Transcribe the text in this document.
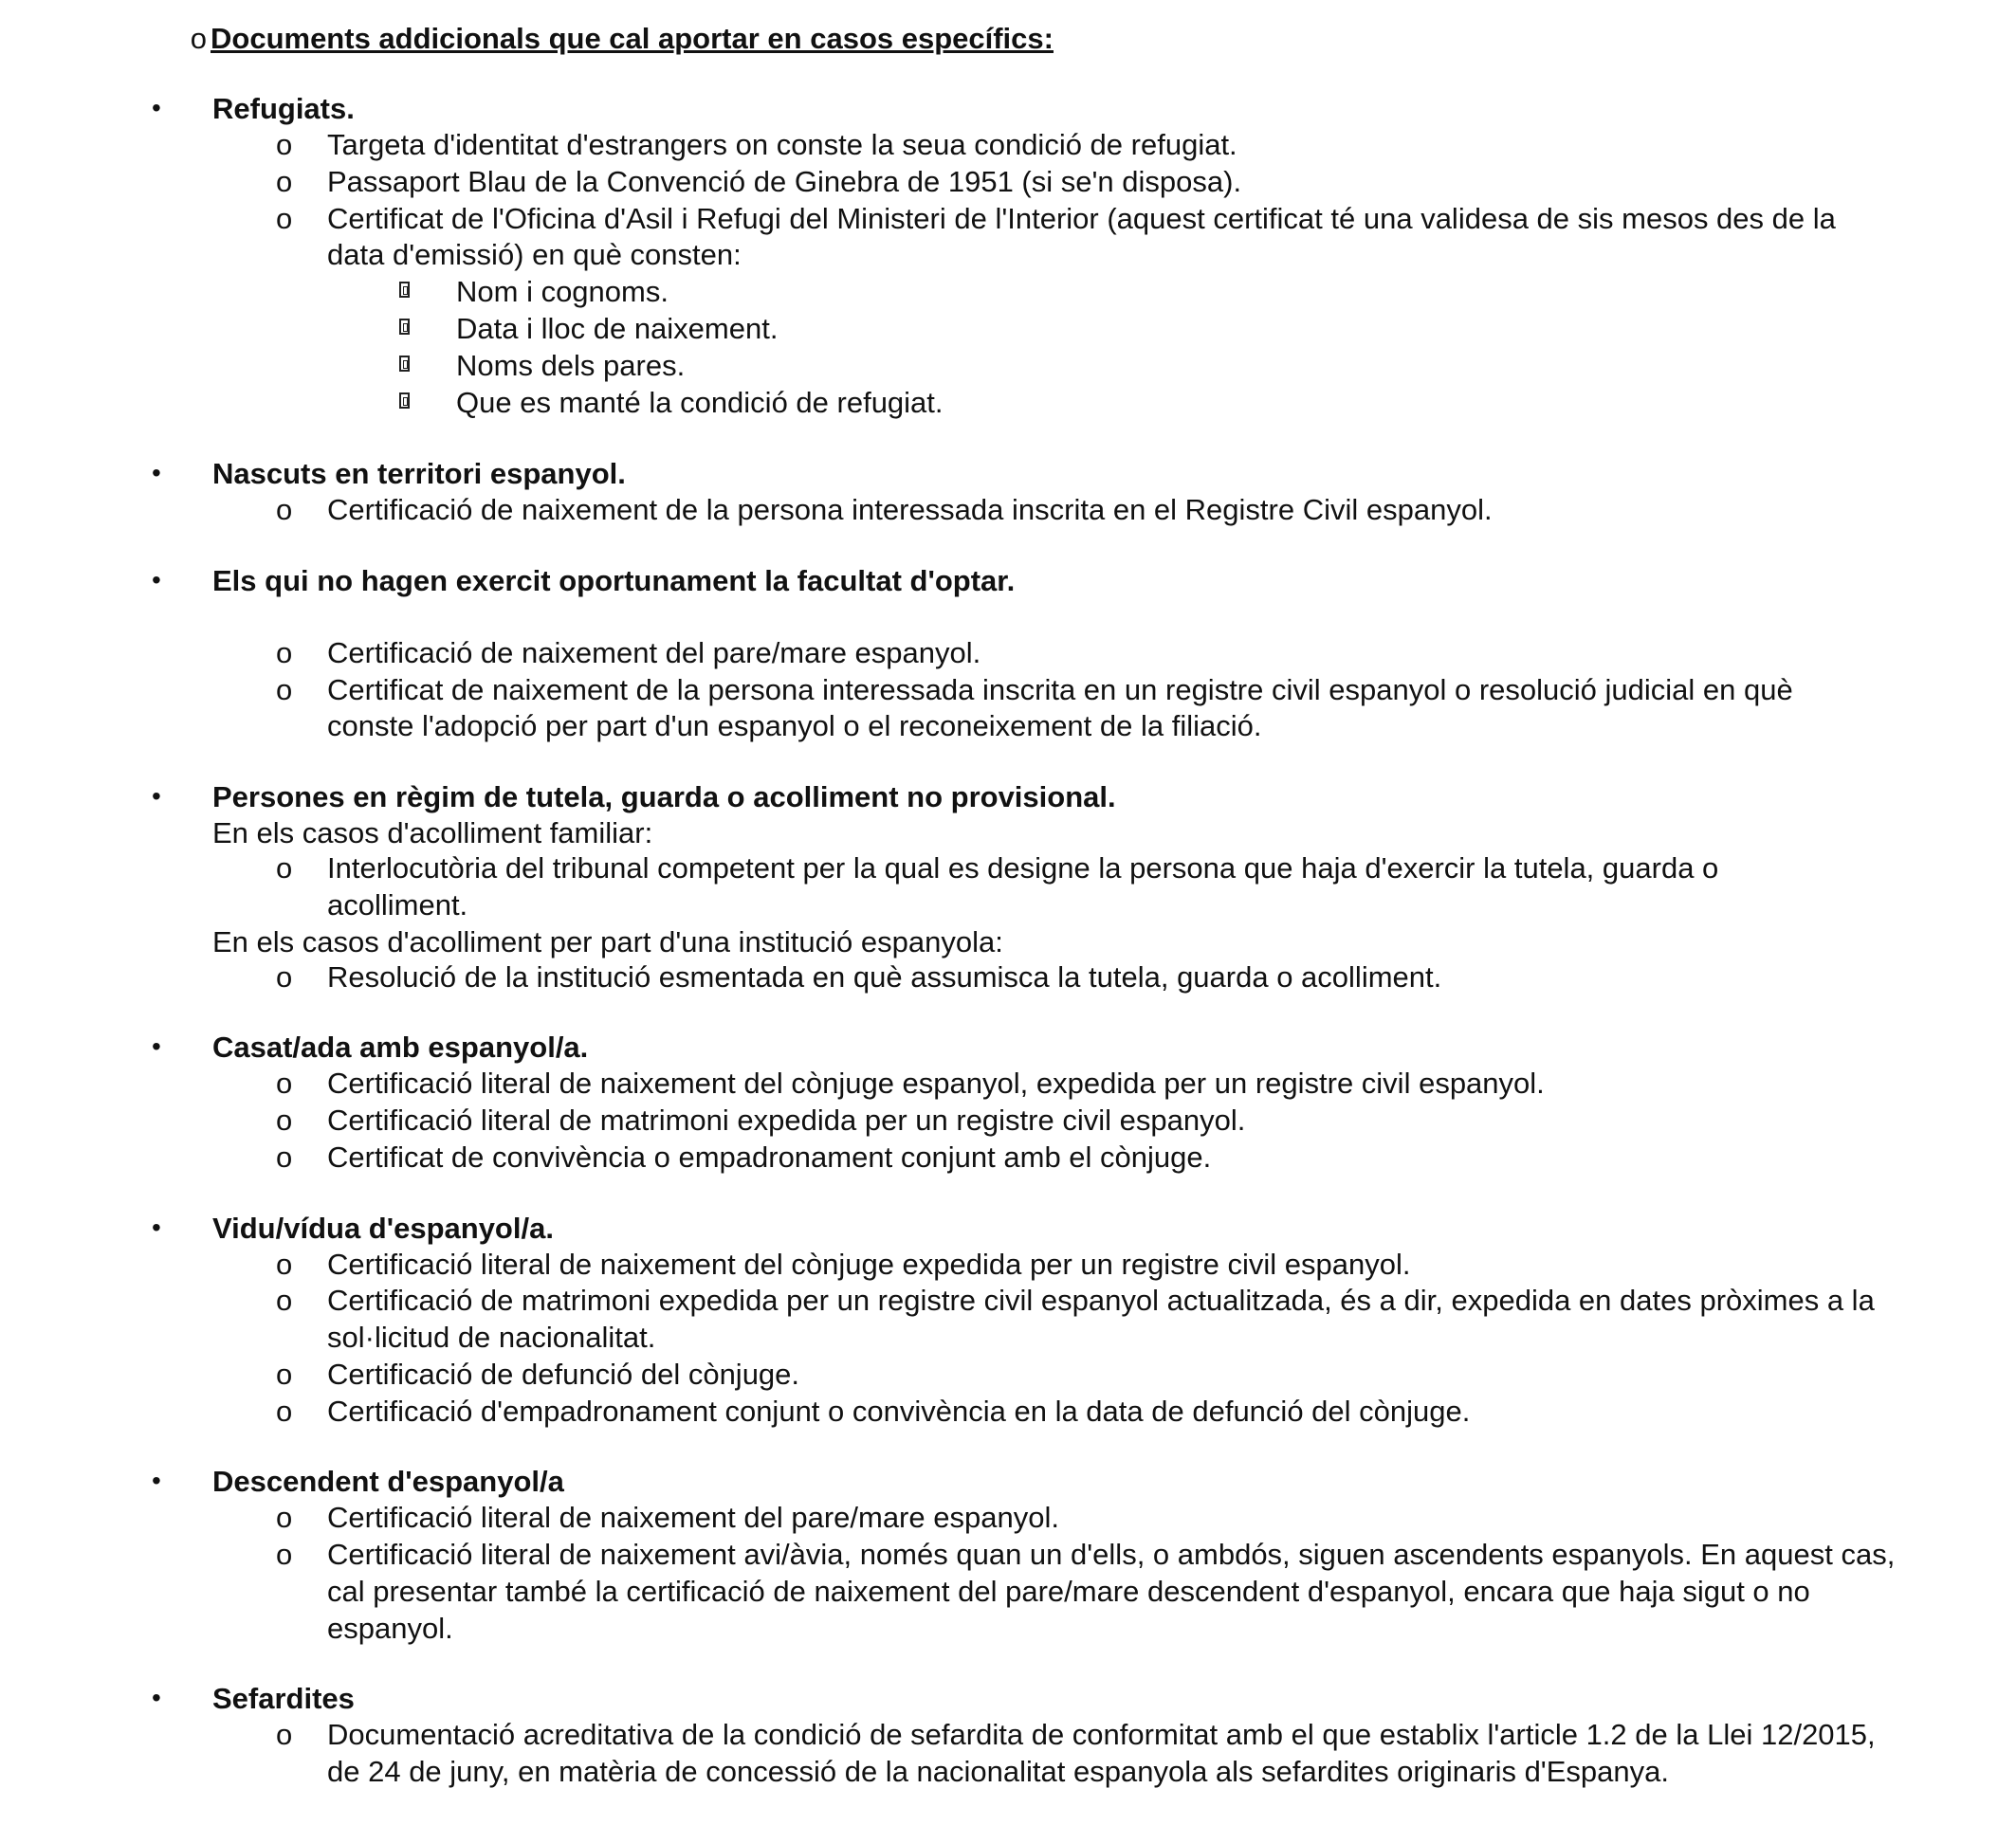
o Documents addicionals que cal aportar en casos específics:
• Refugiats.
o Targeta d'identitat d'estrangers on conste la seua condició de refugiat.
o Passaport Blau de la Convenció de Ginebra de 1951 (si se'n disposa).
o Certificat de l'Oficina d'Asil i Refugi del Ministeri de l'Interior (aquest certificat té una validesa de sis mesos des de la data d'emissió) en què consten:
Nom i cognoms.
Data i lloc de naixement.
Noms dels pares.
Que es manté la condició de refugiat.
• Nascuts en territori espanyol.
o Certificació de naixement de la persona interessada inscrita en el Registre Civil espanyol.
• Els qui no hagen exercit oportunament la facultat d'optar.
o Certificació de naixement del pare/mare espanyol.
o Certificat de naixement de la persona interessada inscrita en un registre civil espanyol o resolució judicial en què conste l'adopció per part d'un espanyol o el reconeixement de la filiació.
• Persones en règim de tutela, guarda o acolliment no provisional.
En els casos d'acolliment familiar:
o Interlocutòria del tribunal competent per la qual es designe la persona que haja d'exercir la tutela, guarda o acolliment.
En els casos d'acolliment per part d'una institució espanyola:
o Resolució de la institució esmentada en què assumisca la tutela, guarda o acolliment.
• Casat/ada amb espanyol/a.
o Certificació literal de naixement del cònjuge espanyol, expedida per un registre civil espanyol.
o Certificació literal de matrimoni expedida per un registre civil espanyol.
o Certificat de convivència o empadronament conjunt amb el cònjuge.
• Vidu/vídua d'espanyol/a.
o Certificació literal de naixement del cònjuge expedida per un registre civil espanyol.
o Certificació de matrimoni expedida per un registre civil espanyol actualitzada, és a dir, expedida en dates pròximes a la sol·licitud de nacionalitat.
o Certificació de defunció del cònjuge.
o Certificació d'empadronament conjunt o convivència en la data de defunció del cònjuge.
• Descendent d'espanyol/a
o Certificació literal de naixement del pare/mare espanyol.
o Certificació literal de naixement avi/àvia, només quan un d'ells, o ambdós, siguen ascendents espanyols. En aquest cas, cal presentar també la certificació de naixement del pare/mare descendent d'espanyol, encara que haja sigut o no espanyol.
• Sefardites
o Documentació acreditativa de la condició de sefardita de conformitat amb el que establix l'article 1.2 de la Llei 12/2015, de 24 de juny, en matèria de concessió de la nacionalitat espanyola als sefardites originaris d'Espanya.
